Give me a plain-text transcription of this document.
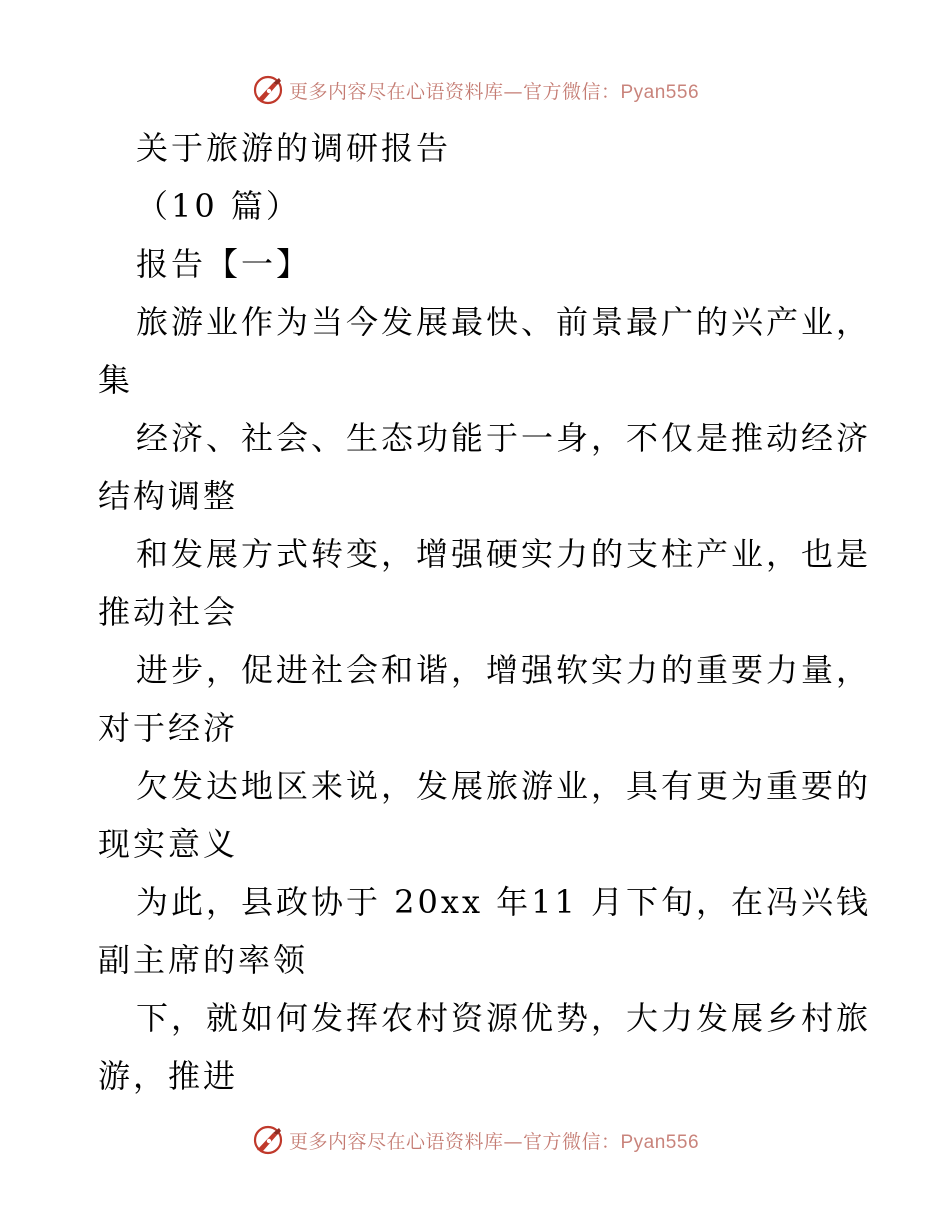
更多内容尽在心语资料库—官方微信：Pyan556
关于旅游的调研报告
（10 篇）
报告【一】
旅游业作为当今发展最快、前景最广的兴产业，
集
经济、社会、生态功能于一身，不仅是推动经济
结构调整
和发展方式转变，增强硬实力的支柱产业，也是
推动社会
进步，促进社会和谐，增强软实力的重要力量，
对于经济
欠发达地区来说，发展旅游业，具有更为重要的
现实意义
为此，县政协于 20xx 年11 月下旬，在冯兴钱
副主席的率领
下，就如何发挥农村资源优势，大力发展乡村旅
游，推进
更多内容尽在心语资料库—官方微信：Pyan556
